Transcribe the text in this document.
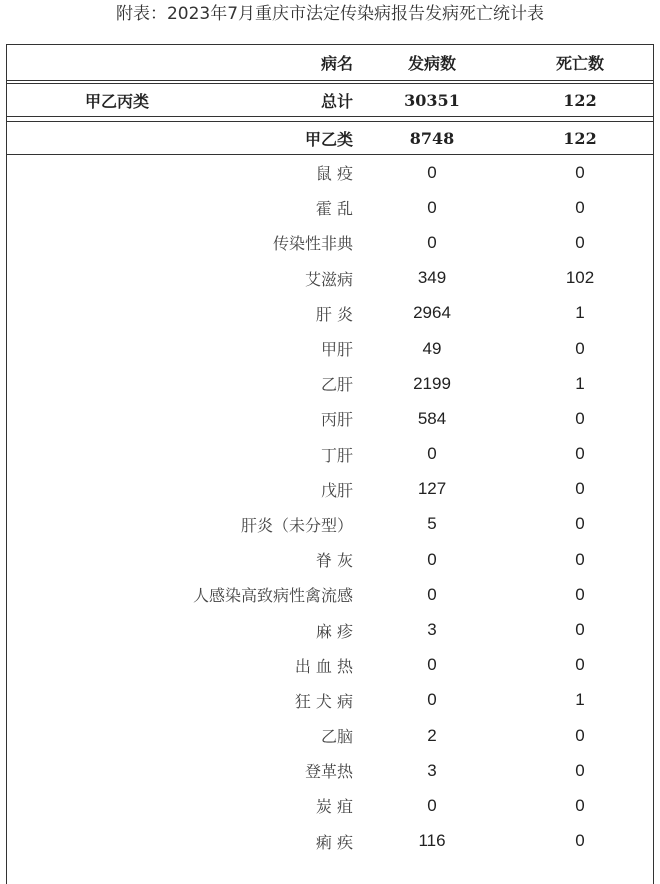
附表：2023年7月重庆市法定传染病报告发病死亡统计表
病名	发病数	死亡数
甲乙丙类	总计	30351	122
甲乙类	8748	122
鼠 疫	0	0
霍 乱	0	0
传染性非典	0	0
艾滋病	349	102
肝 炎	2964	1
甲肝	49	0
乙肝	2199	1
丙肝	584	0
丁肝	0	0
戊肝	127	0
肝炎（未分型）	5	0
脊 灰	0	0
人感染高致病性禽流感	0	0
麻 疹	3	0
出 血 热	0	0
狂 犬 病	0	1
乙脑	2	0
登革热	3	0
炭 疽	0	0
痢 疾	116	0
